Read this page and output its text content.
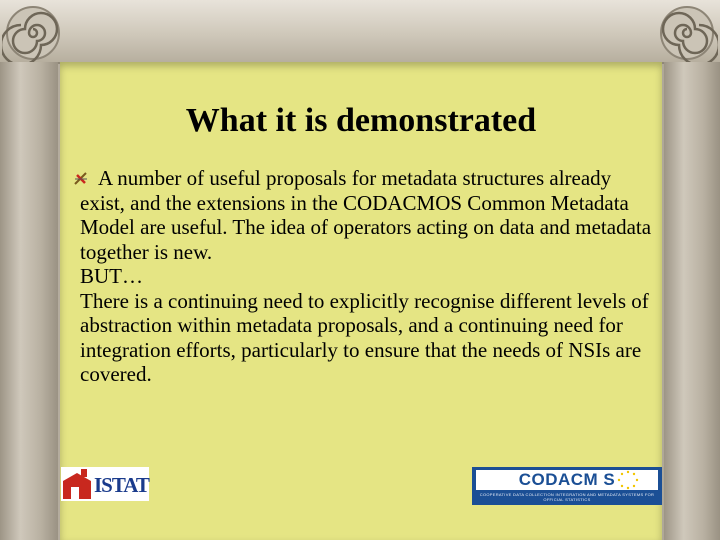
What it is demonstrated

A number of useful proposals for metadata structures already exist, and the extensions in the CODACMOS Common Metadata Model are useful. The idea of operators acting on data and metadata together is new.

BUT…

There is a continuing need to explicitly recognise different levels of abstraction within metadata proposals, and a continuing need for integration efforts, particularly to ensure that the needs of NSIs are covered.

ISTAT	CODACM S
COOPERATIVE DATA COLLECTION INTEGRATION AND METADATA SYSTEMS FOR OFFICIAL STATISTICS
